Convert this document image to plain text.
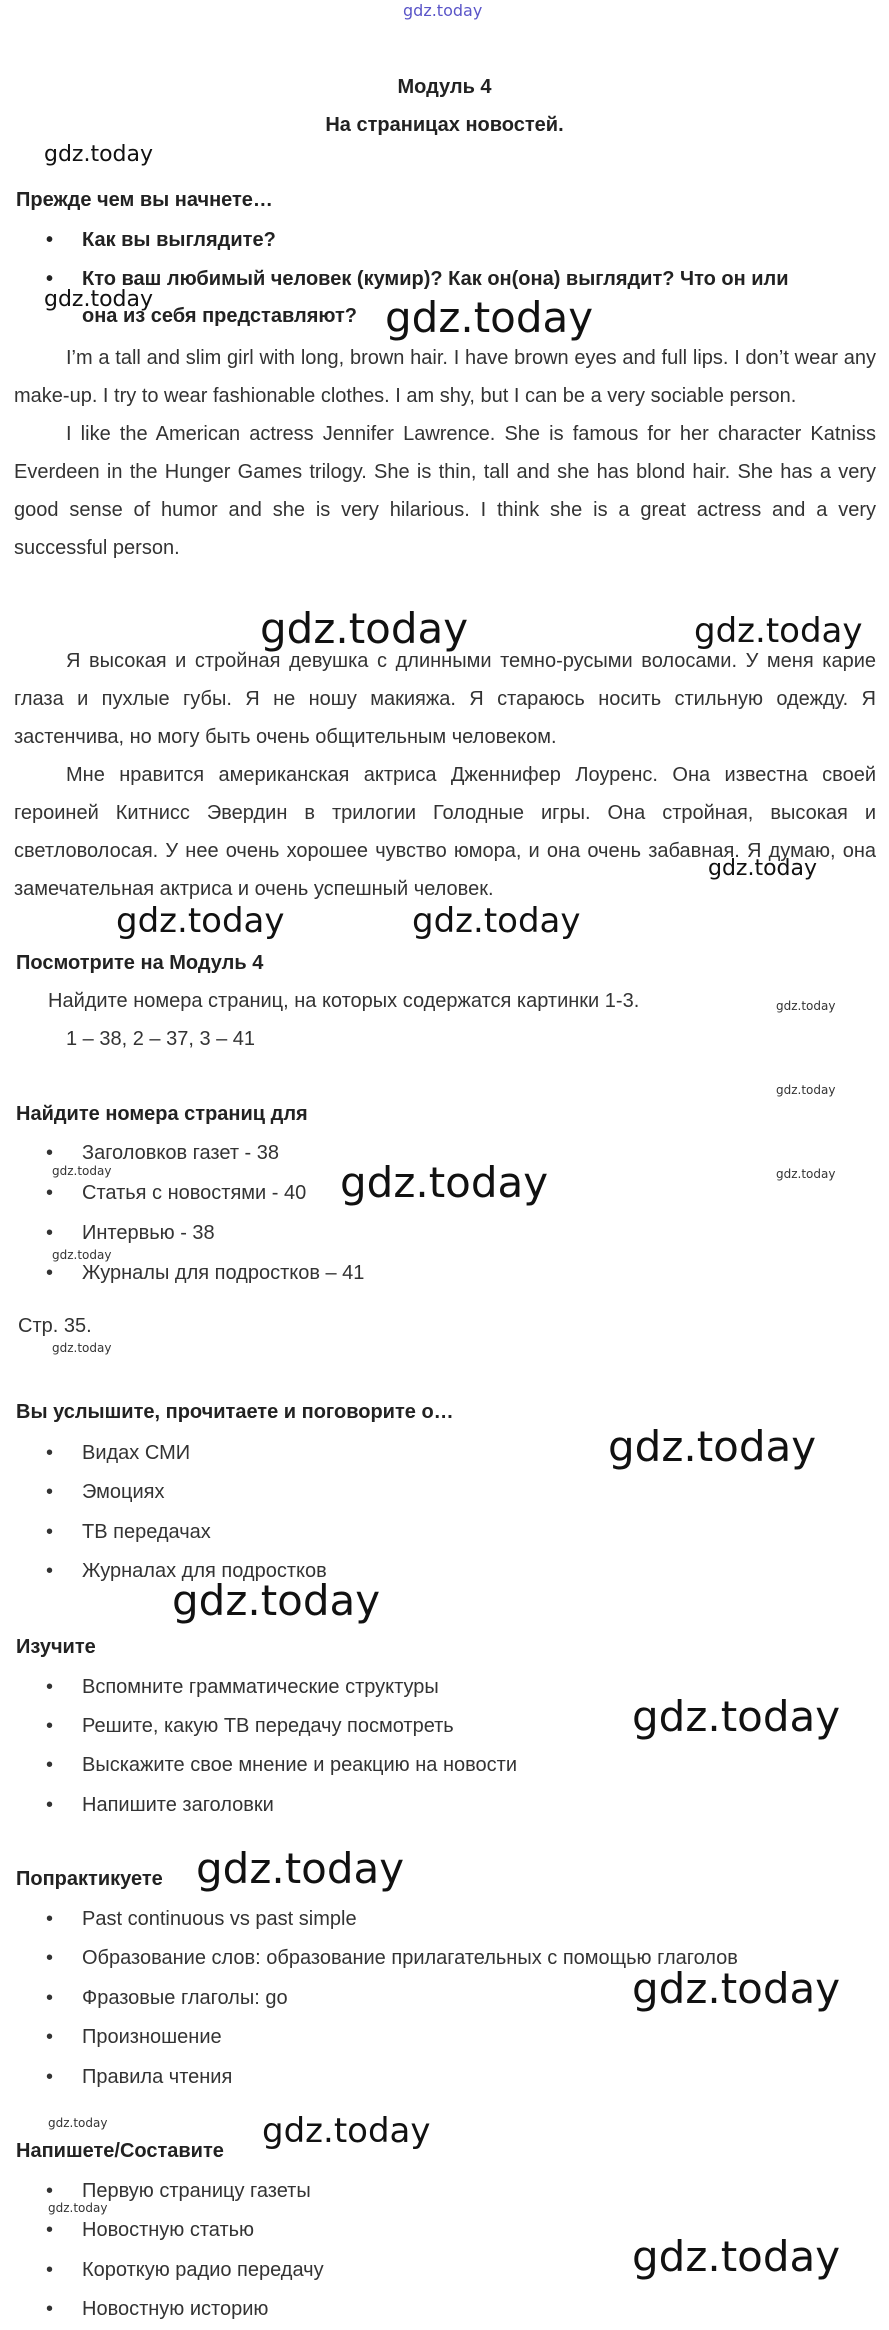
gdz.today
Модуль 4
На страницах новостей.
gdz.today
Прежде чем вы начнете…
Как вы выглядите?
Кто ваш любимый человек (кумир)? Как он(она) выглядит? Что он или
она из себя представляют?
gdz.today	gdz.today

I’m a tall and slim girl with long, brown hair. I have brown eyes and full lips. I don’t wear any make-up. I try to wear fashionable clothes. I am shy, but I can be a very sociable person.

I like the American actress Jennifer Lawrence. She is famous for her character Katniss Everdeen in the Hunger Games trilogy. She is thin, tall and she has blond hair. She has a very good sense of humor and she is very hilarious. I think she is a great actress and a very successful person.

gdz.today	gdz.today

Я высокая и стройная девушка с длинными темно-русыми волосами. У меня карие глаза и пухлые губы. Я не ношу макияжа. Я стараюсь носить стильную одежду. Я застенчива, но могу быть очень общительным человеком.

Мне нравится американская актриса Дженнифер Лоуренс. Она известна своей героиней Китнисс Эвердин в трилогии Голодные игры. Она стройная, высокая и светловолосая. У нее очень хорошее чувство юмора, и она очень забавная. Я думаю, она замечательная актриса и очень успешный человек.

gdz.today
gdz.today	gdz.today
Посмотрите на Модуль 4
Найдите номера страниц, на которых содержатся картинки 1-3.	gdz.today
1 – 38, 2 – 37, 3 – 41
gdz.today
Найдите номера страниц для
Заголовков газет - 38
gdz.today
Статья с новостями - 40 gdz.today	gdz.today
Интервью - 38
gdz.today
Журналы для подростков – 41
Стр. 35.
gdz.today
Вы услышите, прочитаете и поговорите о…
gdz.today
Видах СМИ
Эмоциях
ТВ передачах
Журналах для подростков
gdz.today
Изучите
Вспомните грамматические структуры
gdz.today
Решите, какую ТВ передачу посмотреть
Выскажите свое мнение и реакцию на новости
Напишите заголовки
Попрактикуете gdz.today
Past continuous vs past simple
Образование слов: образование прилагательных с помощью глаголов
gdz.today
Фразовые глаголы: go
Произношение
Правила чтения
gdz.today	gdz.today
Напишете/Составите
Первую страницу газеты
gdz.today
Новостную статью
gdz.today
Короткую радио передачу
Новостную историю
